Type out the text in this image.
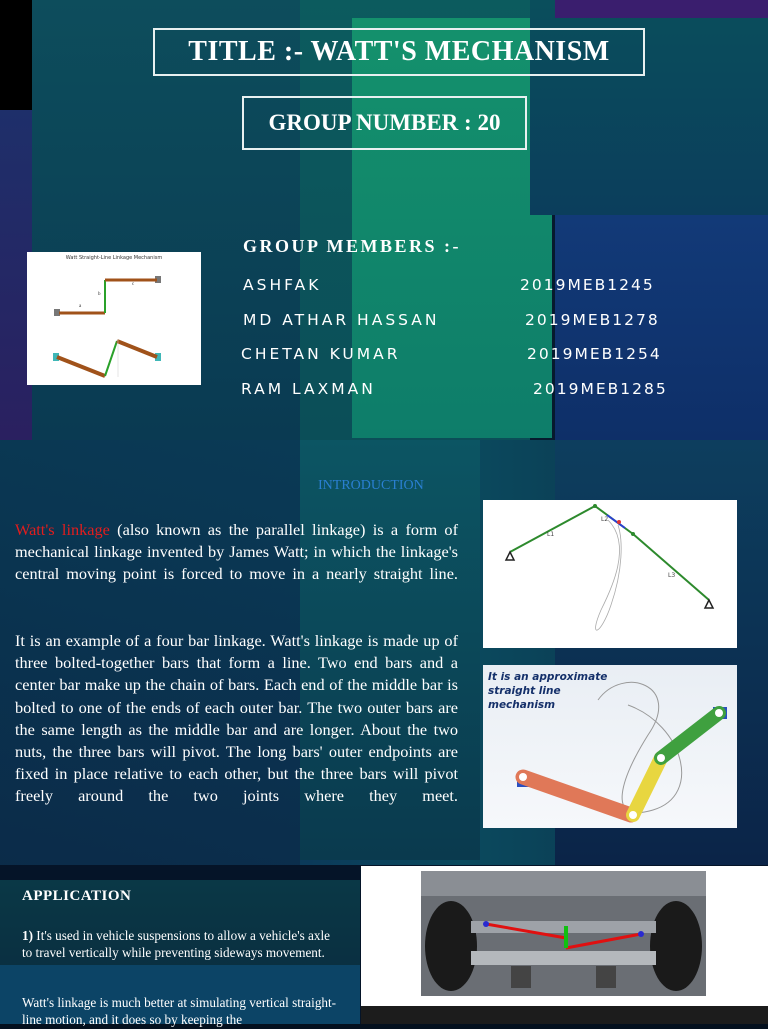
TITLE :- WATT'S MECHANISM
GROUP NUMBER : 20
GROUP MEMBERS :-
ASHFAK	2019MEB1245
MD ATHAR HASSAN	2019MEB1278
CHETAN KUMAR	2019MEB1254
RAM LAXMAN	2019MEB1285
Watt Straight-Line Linkage Mechanism
c
b
a
INTRODUCTION
Watt's linkage (also known as the parallel linkage) is a form of mechanical linkage invented by James Watt; in which the linkage's central moving point is forced to move in a nearly straight line.
It is an example of a four bar linkage. Watt's linkage is made up of three bolted-together bars that form a line. Two end bars and a center bar make up the chain of bars. Each end of the middle bar is bolted to one of the ends of each outer bar. The two outer bars are the same length as the middle bar and are longer. About the two nuts, the three bars will pivot. The long bars' outer endpoints are fixed in place relative to each other, but the three bars will pivot freely around the two joints where they meet.
L1
L2
L3
It is an approximate straight line mechanism
APPLICATION
1) It's used in vehicle suspensions to allow a vehicle's axle to travel vertically while preventing sideways movement.
Watt's linkage is much better at simulating vertical straight-line motion, and it does so by keeping the
